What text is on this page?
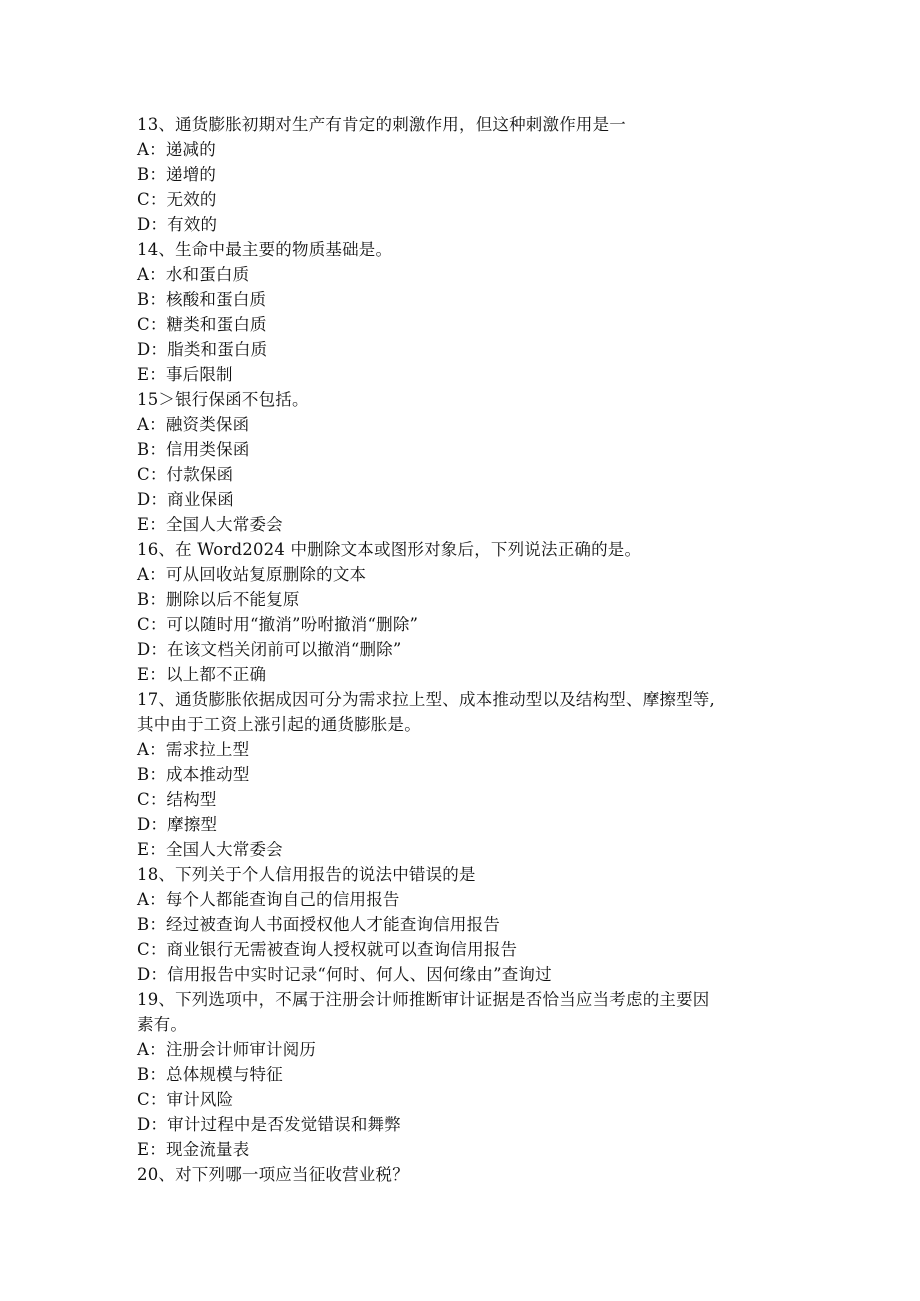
13、通货膨胀初期对生产有肯定的刺激作用，但这种刺激作用是一
A：递减的
B：递增的
C：无效的
D：有效的
14、生命中最主要的物质基础是。
A：水和蛋白质
B：核酸和蛋白质
C：糖类和蛋白质
D：脂类和蛋白质
E：事后限制
15＞银行保函不包括。
A：融资类保函
B：信用类保函
C：付款保函
D：商业保函
E：全国人大常委会
16、在 Word2024 中删除文本或图形对象后，下列说法正确的是。
A：可从回收站复原删除的文本
B：删除以后不能复原
C：可以随时用“撤消”吩咐撤消“删除”
D：在该文档关闭前可以撤消“删除”
E：以上都不正确
17、通货膨胀依据成因可分为需求拉上型、成本推动型以及结构型、摩擦型等,
其中由于工资上涨引起的通货膨胀是。
A：需求拉上型
B：成本推动型
C：结构型
D：摩擦型
E：全国人大常委会
18、下列关于个人信用报告的说法中错误的是
A：每个人都能查询自己的信用报告
B：经过被查询人书面授权他人才能查询信用报告
C：商业银行无需被查询人授权就可以查询信用报告
D：信用报告中实时记录“何时、何人、因何缘由”查询过
19、下列选项中，不属于注册会计师推断审计证据是否恰当应当考虑的主要因
素有。
A：注册会计师审计阅历
B：总体规模与特征
C：审计风险
D：审计过程中是否发觉错误和舞弊
E：现金流量表
20、对下列哪一项应当征收营业税？
